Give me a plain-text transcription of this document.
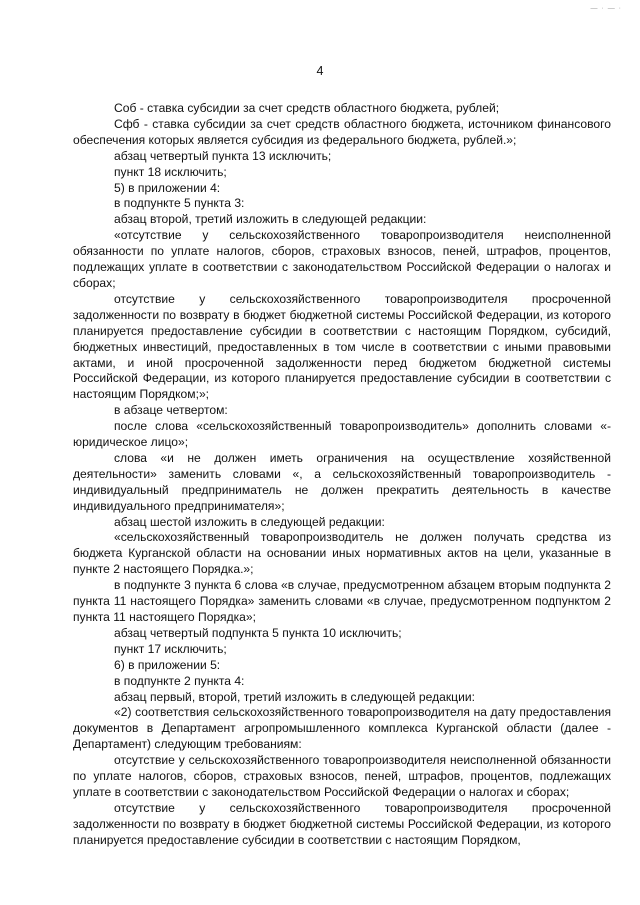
— · — ·
4

Соб - ставка субсидии за счет средств областного бюджета, рублей;

Сфб - ставка субсидии за счет средств областного бюджета, источником финансового обеспечения которых является субсидия из федерального бюджета, рублей.»;

абзац четвертый пункта 13 исключить;

пункт 18 исключить;

5) в приложении 4:

в подпункте 5 пункта 3:

абзац второй, третий изложить в следующей редакции:

«отсутствие у сельскохозяйственного товаропроизводителя неисполненной обязанности по уплате налогов, сборов, страховых взносов, пеней, штрафов, процентов, подлежащих уплате в соответствии с законодательством Российской Федерации о налогах и сборах;

отсутствие у сельскохозяйственного товаропроизводителя просроченной задолженности по возврату в бюджет бюджетной системы Российской Федерации, из которого планируется предоставление субсидии в соответствии с настоящим Порядком, субсидий, бюджетных инвестиций, предоставленных в том числе в соответствии с иными правовыми актами, и иной просроченной задолженности перед бюджетом бюджетной системы Российской Федерации, из которого планируется предоставление субсидии в соответствии с настоящим Порядком;»;

в абзаце четвертом:

после слова «сельскохозяйственный товаропроизводитель» дополнить словами «- юридическое лицо»;

слова «и не должен иметь ограничения на осуществление хозяйственной деятельности» заменить словами «, а сельскохозяйственный товаропроизводитель - индивидуальный предприниматель не должен прекратить деятельность в качестве индивидуального предпринимателя»;

абзац шестой изложить в следующей редакции:

«сельскохозяйственный товаропроизводитель не должен получать средства из бюджета Курганской области на основании иных нормативных актов на цели, указанные в пункте 2 настоящего Порядка.»;

в подпункте 3 пункта 6 слова «в случае, предусмотренном абзацем вторым подпункта 2 пункта 11 настоящего Порядка» заменить словами «в случае, предусмотренном подпунктом 2 пункта 11 настоящего Порядка»;

абзац четвертый подпункта 5 пункта 10 исключить;

пункт 17 исключить;

6) в приложении 5:

в подпункте 2 пункта 4:

абзац первый, второй, третий изложить в следующей редакции:

«2) соответствия сельскохозяйственного товаропроизводителя на дату предоставления документов в Департамент агропромышленного комплекса Курганской области (далее - Департамент) следующим требованиям:

отсутствие у сельскохозяйственного товаропроизводителя неисполненной обязанности по уплате налогов, сборов, страховых взносов, пеней, штрафов, процентов, подлежащих уплате в соответствии с законодательством Российской Федерации о налогах и сборах;

отсутствие у сельскохозяйственного товаропроизводителя просроченной задолженности по возврату в бюджет бюджетной системы Российской Федерации, из которого планируется предоставление субсидии в соответствии с настоящим Порядком,
